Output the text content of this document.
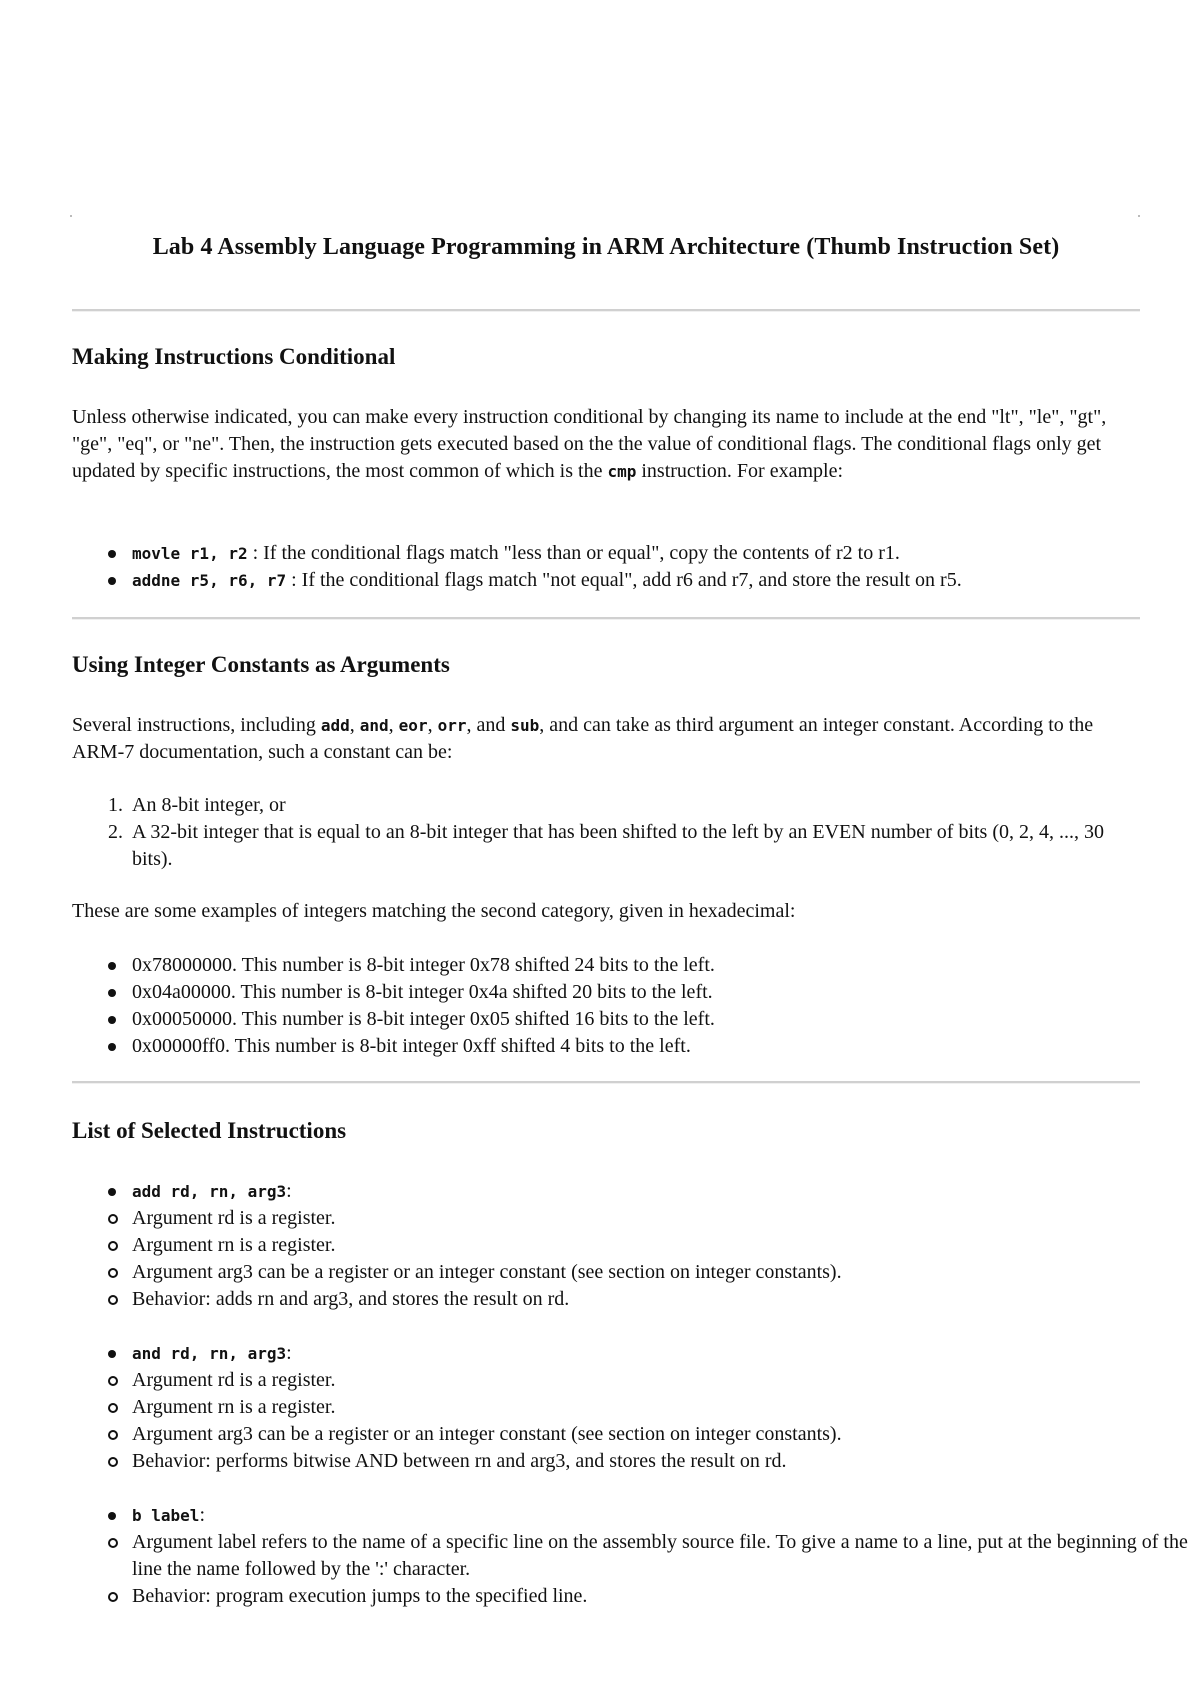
Lab 4 Assembly Language Programming in ARM Architecture (Thumb Instruction Set)
Making Instructions Conditional

Unless otherwise indicated, you can make every instruction conditional by changing its name to include at the end "lt", "le", "gt", "ge", "eq", or "ne". Then, the instruction gets executed based on the the value of conditional flags. The conditional flags only get updated by specific instructions, the most common of which is the cmp instruction. For example:

movle r1, r2 : If the conditional flags match "less than or equal", copy the contents of r2 to r1.
addne r5, r6, r7 : If the conditional flags match "not equal", add r6 and r7, and store the result on r5.
Using Integer Constants as Arguments

Several instructions, including add, and, eor, orr, and sub, and can take as third argument an integer constant. According to the ARM-7 documentation, such a constant can be:

1. An 8-bit integer, or
2. A 32-bit integer that is equal to an 8-bit integer that has been shifted to the left by an EVEN number of bits (0, 2, 4, ..., 30 bits).

These are some examples of integers matching the second category, given in hexadecimal:

0x78000000. This number is 8-bit integer 0x78 shifted 24 bits to the left.
0x04a00000. This number is 8-bit integer 0x4a shifted 20 bits to the left.
0x00050000. This number is 8-bit integer 0x05 shifted 16 bits to the left.
0x00000ff0. This number is 8-bit integer 0xff shifted 4 bits to the left.
List of Selected Instructions
add rd, rn, arg3:
Argument rd is a register.
Argument rn is a register.
Argument arg3 can be a register or an integer constant (see section on integer constants).
Behavior: adds rn and arg3, and stores the result on rd.
and rd, rn, arg3:
Argument rd is a register.
Argument rn is a register.
Argument arg3 can be a register or an integer constant (see section on integer constants).
Behavior: performs bitwise AND between rn and arg3, and stores the result on rd.
b label:
Argument label refers to the name of a specific line on the assembly source file. To give a name to a line, put at the beginning of the line the name followed by the ':' character.
Behavior: program execution jumps to the specified line.
